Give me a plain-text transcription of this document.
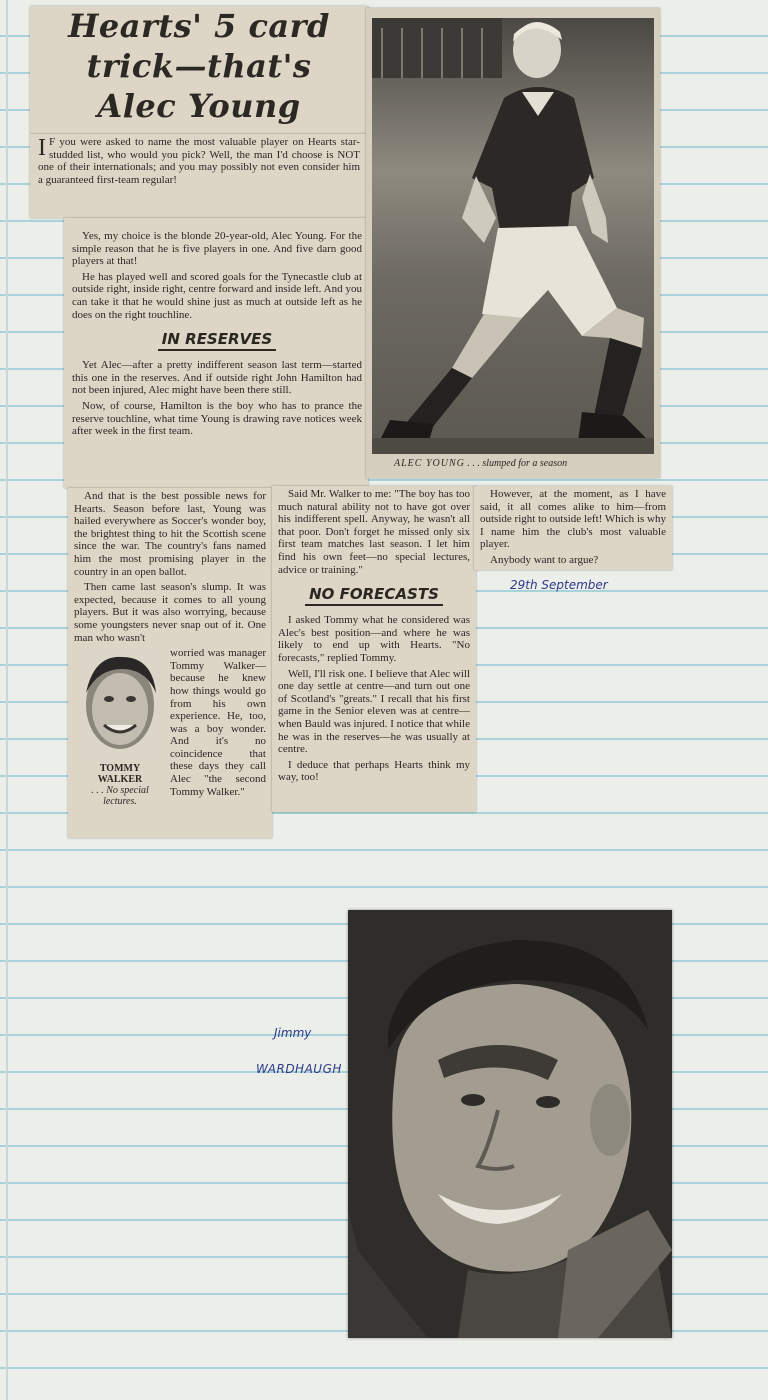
Hearts' 5 card
trick—that's
Alec Young

I F you were asked to name the most valuable player on Hearts star-studded list, who would you pick? Well, the man I'd choose is NOT one of their internationals; and you may possibly not even consider him a guaranteed first-team regular!

Yes, my choice is the blonde 20-year-old, Alec Young. For the simple reason that he is five players in one. And five darn good players at that!

He has played well and scored goals for the Tynecastle club at outside right, inside right, centre forward and inside left. And you can take it that he would shine just as much at outside left as he does on the right touchline.

IN RESERVES

Yet Alec—after a pretty indifferent season last term—started this one in the reserves. And if outside right John Hamilton had not been injured, Alec might have been there still.

Now, of course, Hamilton is the boy who has to prance the reserve touchline, what time Young is drawing rave notices week after week in the first team.

ALEC YOUNG . . . slumped for a season

And that is the best possible news for Hearts. Season before last, Young was hailed everywhere as Soccer's wonder boy, the brightest thing to hit the Scottish scene since the war. The country's fans named him the most promising player in the country in an open ballot.

Then came last season's slump. It was expected, because it comes to all young players. But it was also worrying, because some youngsters never snap out of it. One man who wasn't

TOMMY
WALKER
. . . No special lectures.

worried was manager Tommy Walker—because he knew how things would go from his own experience. He, too, was a boy wonder. And it's no coincidence that these days they call Alec "the second Tommy Walker."

Said Mr. Walker to me: "The boy has too much natural ability not to have got over his indifferent spell. Anyway, he wasn't all that poor. Don't forget he missed only six first team matches last season. I let him find his own feet—no special lectures, advice or training."

NO FORECASTS

I asked Tommy what he considered was Alec's best position—and where he was likely to end up with Hearts. "No forecasts," replied Tommy.

Well, I'll risk one. I believe that Alec will one day settle at centre—and turn out one of Scotland's "greats." I recall that his first game in the Senior eleven was at centre—when Bauld was injured. I notice that while he was in the reserves—he was usually at centre.

I deduce that perhaps Hearts think my way, too!

However, at the moment, as I have said, it all comes alike to him—from outside right to outside left! Which is why I name him the club's most valuable player.

Anybody want to argue?

29th September
Jimmy
WARDHAUGH
